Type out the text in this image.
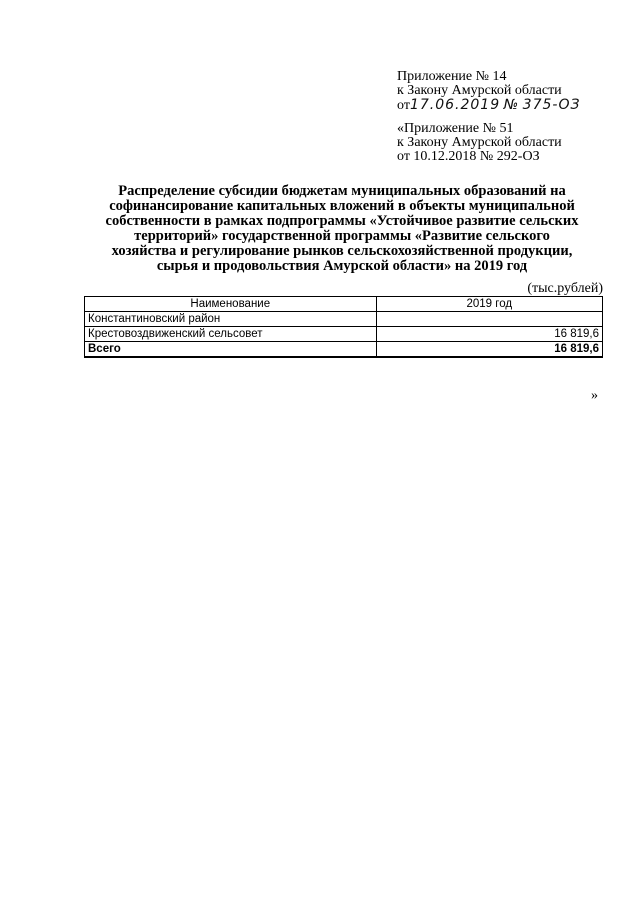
Приложение № 14
к Закону Амурской области
от17.06.2019 № 375-ОЗ
«Приложение № 51
к Закону Амурской области
от 10.12.2018 № 292-ОЗ
Распределение субсидии бюджетам муниципальных образований на
софинансирование капитальных вложений в объекты муниципальной
собственности в рамках подпрограммы «Устойчивое развитие сельских
территорий» государственной программы «Развитие сельского
хозяйства и регулирование рынков сельскохозяйственной продукции,
сырья и продовольствия Амурской области» на 2019 год
(тыс.рублей)
Наименование	2019 год
Константиновский район	
Крестовоздвиженский сельсовет	16 819,6
Всего	16 819,6
»
